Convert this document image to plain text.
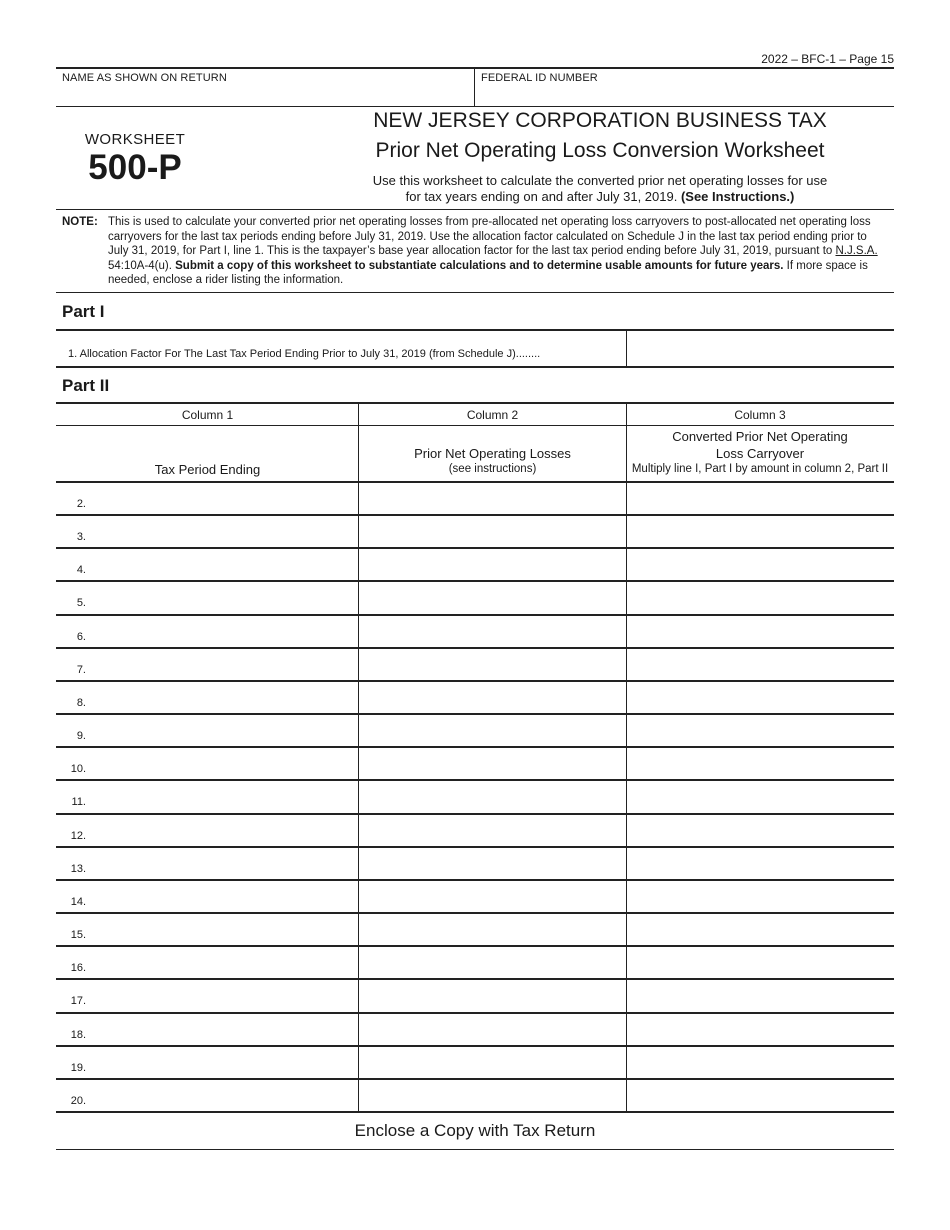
2022 – BFC-1 – Page 15
NAME AS SHOWN ON RETURN	FEDERAL ID NUMBER
WORKSHEET
500-P
NEW JERSEY CORPORATION BUSINESS TAX
Prior Net Operating Loss Conversion Worksheet
Use this worksheet to calculate the converted prior net operating losses for use
for tax years ending on and after July 31, 2019. (See Instructions.)
NOTE: This is used to calculate your converted prior net operating losses from pre-allocated net operating loss carryovers to post-allocated net operating loss carryovers for the last tax periods ending before July 31, 2019. Use the allocation factor calculated on Schedule J in the last tax period ending prior to July 31, 2019, for Part I, line 1. This is the taxpayer’s base year allocation factor for the last tax period ending before July 31, 2019, pursuant to N.J.S.A. 54:10A-4(u). Submit a copy of this worksheet to substantiate calculations and to determine usable amounts for future years. If more space is needed, enclose a rider listing the information.
Part I
1. Allocation Factor For The Last Tax Period Ending Prior to July 31, 2019 (from Schedule J)........
Part II
Column 1	Column 2	Column 3
Tax Period Ending
Prior Net Operating Losses
(see instructions)
Converted Prior Net Operating
Loss Carryover
Multiply line I, Part I by amount in column 2, Part II
2.
3.
4.
5.
6.
7.
8.
9.
10.
11.
12.
13.
14.
15.
16.
17.
18.
19.
20.
Enclose a Copy with Tax Return
